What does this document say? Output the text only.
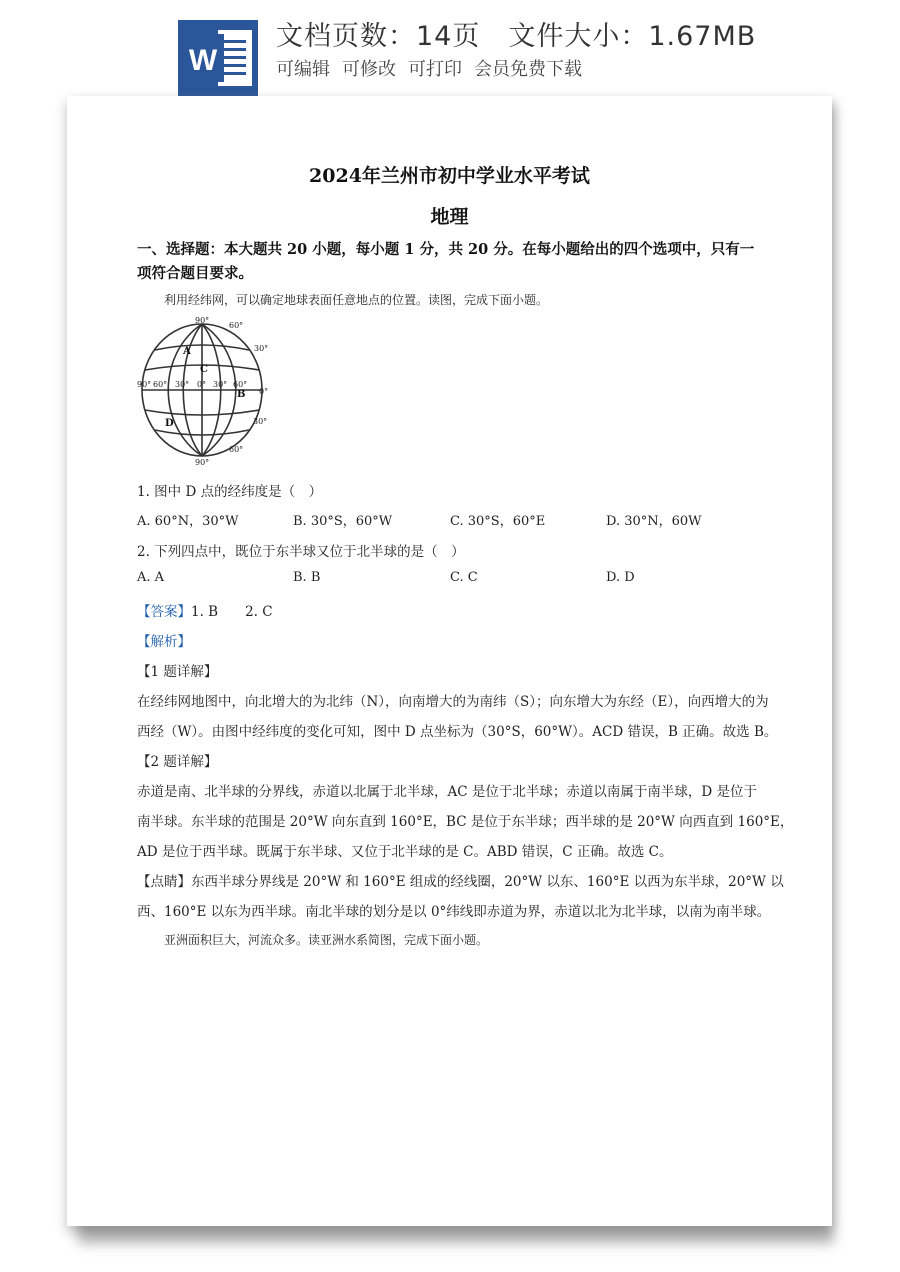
W
文档页数：14页　文件大小：1.67MB
可编辑 可修改 可打印 会员免费下载
2024年兰州市初中学业水平考试
地理
一、选择题：本大题共 20 小题，每小题 1 分，共 20 分。在每小题给出的四个选项中，只有一
项符合题目要求。
利用经纬网，可以确定地球表面任意地点的位置。读图，完成下面小题。
90°
60°
30°
90° 60° 30° 0° 30° 60°
0°
30°
60°
90°
A
B
C
D
1. 图中 D 点的经纬度是（　）
A. 60°N，30°W	B. 30°S，60°W	C. 30°S，60°E	D. 30°N，60W
2. 下列四点中，既位于东半球又位于北半球的是（　）
A. A	B. B	C. C	D. D
【答案】1. B　　2. C
【解析】
【1 题详解】
在经纬网地图中，向北增大的为北纬（N），向南增大的为南纬（S）；向东增大为东经（E），向西增大的为
西经（W）。由图中经纬度的变化可知，图中 D 点坐标为（30°S，60°W）。ACD 错误，B 正确。故选 B。
【2 题详解】
赤道是南、北半球的分界线，赤道以北属于北半球，AC 是位于北半球；赤道以南属于南半球，D 是位于
南半球。东半球的范围是 20°W 向东直到 160°E，BC 是位于东半球；西半球的是 20°W 向西直到 160°E，
AD 是位于西半球。既属于东半球、又位于北半球的是 C。ABD 错误，C 正确。故选 C。
【点睛】东西半球分界线是 20°W 和 160°E 组成的经线圈，20°W 以东、160°E 以西为东半球，20°W 以
西、160°E 以东为西半球。南北半球的划分是以 0°纬线即赤道为界，赤道以北为北半球，以南为南半球。
亚洲面积巨大，河流众多。读亚洲水系简图，完成下面小题。
